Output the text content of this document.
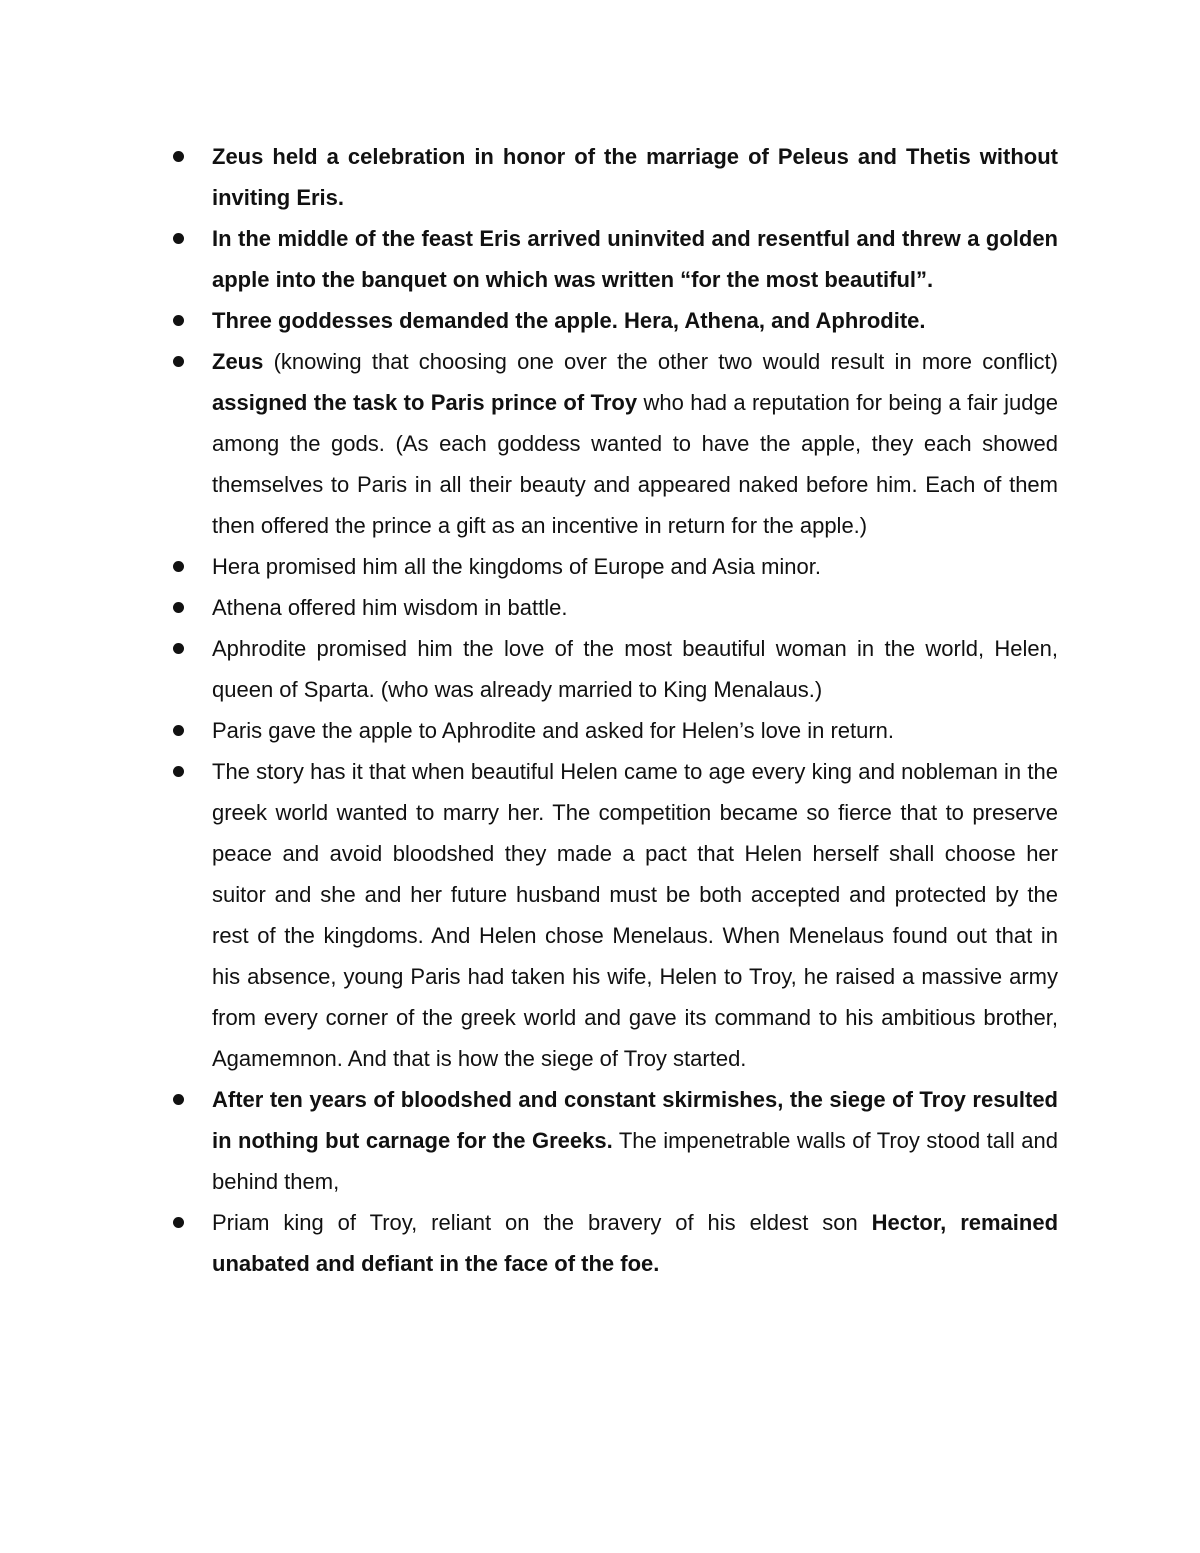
Zeus held a celebration in honor of the marriage of Peleus and Thetis without inviting Eris.
In the middle of the feast Eris arrived uninvited and resentful and threw a golden apple into the banquet on which was written “for the most beautiful”.
Three goddesses demanded the apple. Hera, Athena, and Aphrodite.
Zeus (knowing that choosing one over the other two would result in more conflict) assigned the task to Paris prince of Troy who had a reputation for being a fair judge among the gods. (As each goddess wanted to have the apple, they each showed themselves to Paris in all their beauty and appeared naked before him. Each of them then offered the prince a gift as an incentive in return for the apple.)
Hera promised him all the kingdoms of Europe and Asia minor.
Athena offered him wisdom in battle.
Aphrodite promised him the love of the most beautiful woman in the world, Helen, queen of Sparta. (who was already married to King Menalaus.)
Paris gave the apple to Aphrodite and asked for Helen’s love in return.
The story has it that when beautiful Helen came to age every king and nobleman in the greek world wanted to marry her. The competition became so fierce that to preserve peace and avoid bloodshed they made a pact that Helen herself shall choose her suitor and she and her future husband must be both accepted and protected by the rest of the kingdoms. And Helen chose Menelaus. When Menelaus found out that in his absence, young Paris had taken his wife, Helen to Troy, he raised a massive army from every corner of the greek world and gave its command to his ambitious brother, Agamemnon. And that is how the siege of Troy started.
After ten years of bloodshed and constant skirmishes, the siege of Troy resulted in nothing but carnage for the Greeks. The impenetrable walls of Troy stood tall and behind them,
Priam king of Troy, reliant on the bravery of his eldest son Hector, remained unabated and defiant in the face of the foe.
